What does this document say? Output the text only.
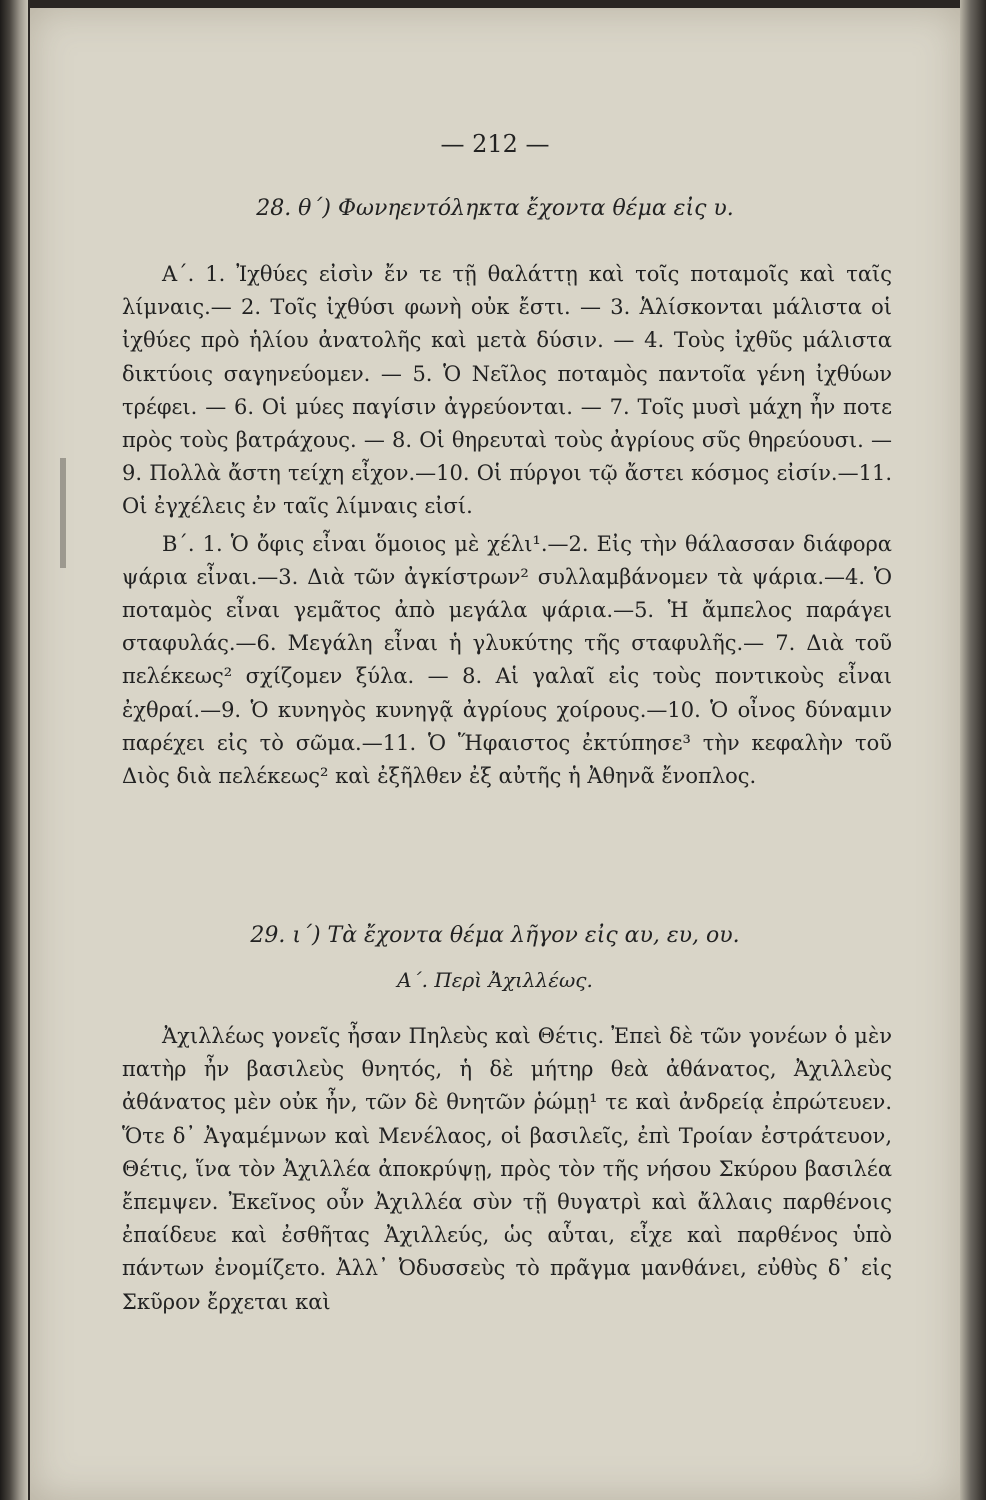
— 212 —
28. θ΄) Φωνηεντόληκτα ἔχοντα θέμα εἰς υ.

Α΄. 1. Ἰχθύες εἰσὶν ἔν τε τῇ θαλάττῃ καὶ τοῖς ποταμοῖς καὶ ταῖς λίμναις.— 2. Τοῖς ἰχθύσι φωνὴ οὐκ ἔστι. — 3. Ἁλίσκονται μάλιστα οἱ ἰχθύες πρὸ ἡλίου ἀνατολῆς καὶ μετὰ δύσιν. — 4. Τοὺς ἰχθῦς μάλιστα δικτύοις σαγηνεύομεν. — 5. Ὁ Νεῖλος ποταμὸς παντοῖα γένη ἰχθύων τρέφει. — 6. Οἱ μύες παγίσιν ἀγρεύονται. — 7. Τοῖς μυσὶ μάχη ἦν ποτε πρὸς τοὺς βατράχους. — 8. Οἱ θηρευταὶ τοὺς ἀγρίους σῦς θηρεύουσι. — 9. Πολλὰ ἄστη τείχη εἶχον.—10. Οἱ πύργοι τῷ ἄστει κόσμος εἰσίν.—11. Οἱ ἐγχέλεις ἐν ταῖς λίμναις εἰσί.

Β΄. 1. Ὁ ὄφις εἶναι ὅμοιος μὲ χέλι¹.—2. Εἰς τὴν θάλασσαν διάφορα ψάρια εἶναι.—3. Διὰ τῶν ἀγκίστρων² συλλαμβάνομεν τὰ ψάρια.—4. Ὁ ποταμὸς εἶναι γεμᾶτος ἀπὸ μεγάλα ψάρια.—5. Ἡ ἄμπελος παράγει σταφυλάς.—6. Μεγάλη εἶναι ἡ γλυκύτης τῆς σταφυλῆς.— 7. Διὰ τοῦ πελέκεως² σχίζομεν ξύλα. — 8. Αἱ γαλαῖ εἰς τοὺς ποντικοὺς εἶναι ἐχθραί.—9. Ὁ κυνηγὸς κυνηγᾷ ἀγρίους χοίρους.—10. Ὁ οἶνος δύναμιν παρέχει εἰς τὸ σῶμα.—11. Ὁ Ἥφαιστος ἐκτύπησε³ τὴν κεφαλὴν τοῦ Διὸς διὰ πελέκεως² καὶ ἐξῆλθεν ἐξ αὐτῆς ἡ Ἀθηνᾶ ἔνοπλος.

29. ι΄) Τὰ ἔχοντα θέμα λῆγον εἰς αυ, ευ, ου.
Α΄. Περὶ Ἀχιλλέως.

Ἀχιλλέως γονεῖς ἦσαν Πηλεὺς καὶ Θέτις. Ἐπεὶ δὲ τῶν γονέων ὁ μὲν πατὴρ ἦν βασιλεὺς θνητός, ἡ δὲ μήτηρ θεὰ ἀθάνατος, Ἀχιλλεὺς ἀθάνατος μὲν οὐκ ἦν, τῶν δὲ θνητῶν ῥώμῃ¹ τε καὶ ἀνδρείᾳ ἐπρώτευεν. Ὅτε δ᾽ Ἀγαμέμνων καὶ Μενέλαος, οἱ βασιλεῖς, ἐπὶ Τροίαν ἐστράτευον, Θέτις, ἵνα τὸν Ἀχιλλέα ἀποκρύψῃ, πρὸς τὸν τῆς νήσου Σκύρου βασιλέα ἔπεμψεν. Ἐκεῖνος οὖν Ἀχιλλέα σὺν τῇ θυγατρὶ καὶ ἄλλαις παρθένοις ἐπαίδευε καὶ ἐσθῆτας Ἀχιλλεύς, ὡς αὗται, εἶχε καὶ παρθένος ὑπὸ πάντων ἐνομίζετο. Ἀλλ᾽ Ὀδυσσεὺς τὸ πρᾶγμα μανθάνει, εὐθὺς δ᾽ εἰς Σκῦρον ἔρχεται καὶ
